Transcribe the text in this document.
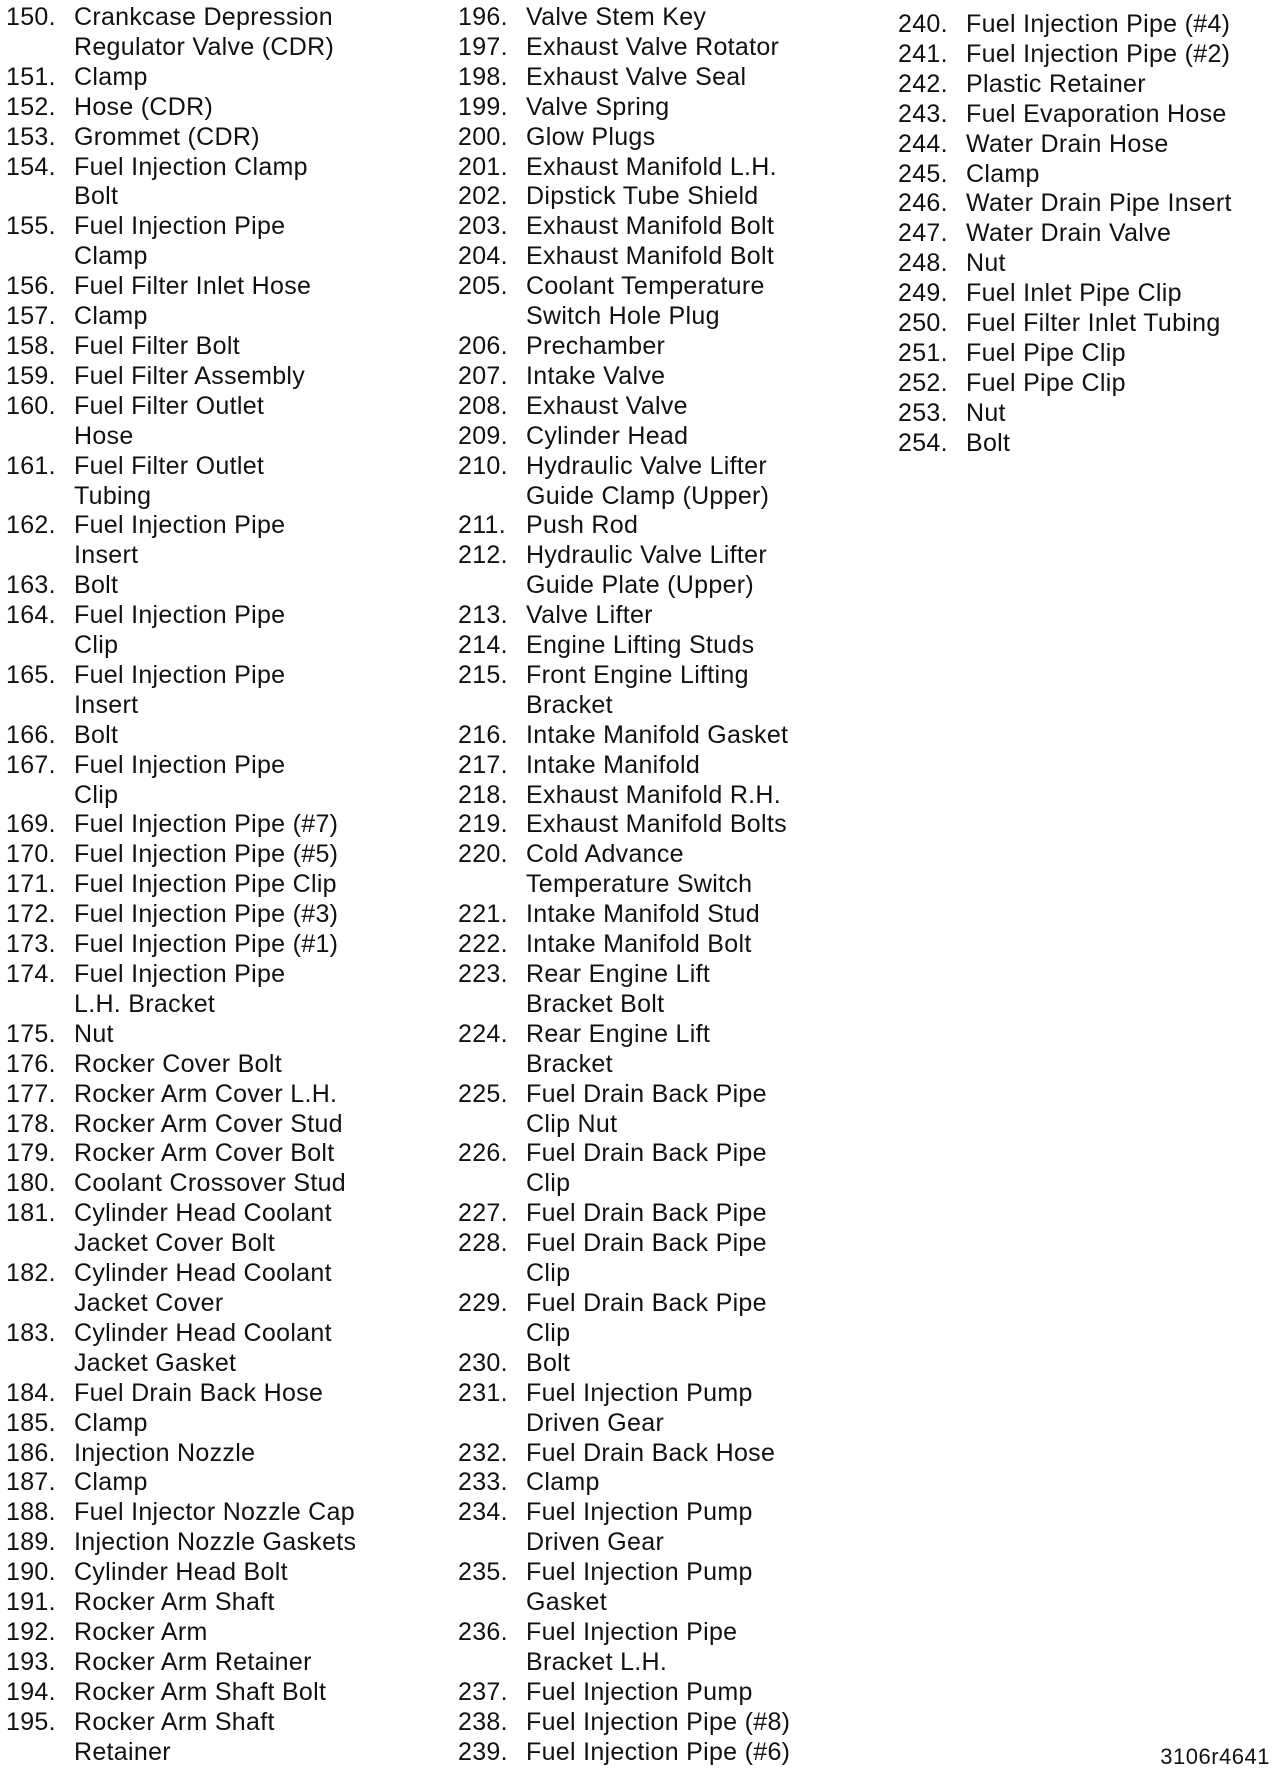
150. Crankcase Depression
Regulator Valve (CDR)
151. Clamp
152. Hose (CDR)
153. Grommet (CDR)
154. Fuel Injection Clamp
Bolt
155. Fuel Injection Pipe
Clamp
156. Fuel Filter Inlet Hose
157. Clamp
158. Fuel Filter Bolt
159. Fuel Filter Assembly
160. Fuel Filter Outlet
Hose
161. Fuel Filter Outlet
Tubing
162. Fuel Injection Pipe
Insert
163. Bolt
164. Fuel Injection Pipe
Clip
165. Fuel Injection Pipe
Insert
166. Bolt
167. Fuel Injection Pipe
Clip
169. Fuel Injection Pipe (#7)
170. Fuel Injection Pipe (#5)
171. Fuel Injection Pipe Clip
172. Fuel Injection Pipe (#3)
173. Fuel Injection Pipe (#1)
174. Fuel Injection Pipe
L.H. Bracket
175. Nut
176. Rocker Cover Bolt
177. Rocker Arm Cover L.H.
178. Rocker Arm Cover Stud
179. Rocker Arm Cover Bolt
180. Coolant Crossover Stud
181. Cylinder Head Coolant
Jacket Cover Bolt
182. Cylinder Head Coolant
Jacket Cover
183. Cylinder Head Coolant
Jacket Gasket
184. Fuel Drain Back Hose
185. Clamp
186. Injection Nozzle
187. Clamp
188. Fuel Injector Nozzle Cap
189. Injection Nozzle Gaskets
190. Cylinder Head Bolt
191. Rocker Arm Shaft
192. Rocker Arm
193. Rocker Arm Retainer
194. Rocker Arm Shaft Bolt
195. Rocker Arm Shaft
Retainer
196. Valve Stem Key
197. Exhaust Valve Rotator
198. Exhaust Valve Seal
199. Valve Spring
200. Glow Plugs
201. Exhaust Manifold L.H.
202. Dipstick Tube Shield
203. Exhaust Manifold Bolt
204. Exhaust Manifold Bolt
205. Coolant Temperature
Switch Hole Plug
206. Prechamber
207. Intake Valve
208. Exhaust Valve
209. Cylinder Head
210. Hydraulic Valve Lifter
Guide Clamp (Upper)
211. Push Rod
212. Hydraulic Valve Lifter
Guide Plate (Upper)
213. Valve Lifter
214. Engine Lifting Studs
215. Front Engine Lifting
Bracket
216. Intake Manifold Gasket
217. Intake Manifold
218. Exhaust Manifold R.H.
219. Exhaust Manifold Bolts
220. Cold Advance
Temperature Switch
221. Intake Manifold Stud
222. Intake Manifold Bolt
223. Rear Engine Lift
Bracket Bolt
224. Rear Engine Lift
Bracket
225. Fuel Drain Back Pipe
Clip Nut
226. Fuel Drain Back Pipe
Clip
227. Fuel Drain Back Pipe
228. Fuel Drain Back Pipe
Clip
229. Fuel Drain Back Pipe
Clip
230. Bolt
231. Fuel Injection Pump
Driven Gear
232. Fuel Drain Back Hose
233. Clamp
234. Fuel Injection Pump
Driven Gear
235. Fuel Injection Pump
Gasket
236. Fuel Injection Pipe
Bracket L.H.
237. Fuel Injection Pump
238. Fuel Injection Pipe (#8)
239. Fuel Injection Pipe (#6)
240. Fuel Injection Pipe (#4)
241. Fuel Injection Pipe (#2)
242. Plastic Retainer
243. Fuel Evaporation Hose
244. Water Drain Hose
245. Clamp
246. Water Drain Pipe Insert
247. Water Drain Valve
248. Nut
249. Fuel Inlet Pipe Clip
250. Fuel Filter Inlet Tubing
251. Fuel Pipe Clip
252. Fuel Pipe Clip
253. Nut
254. Bolt
3106r4641
